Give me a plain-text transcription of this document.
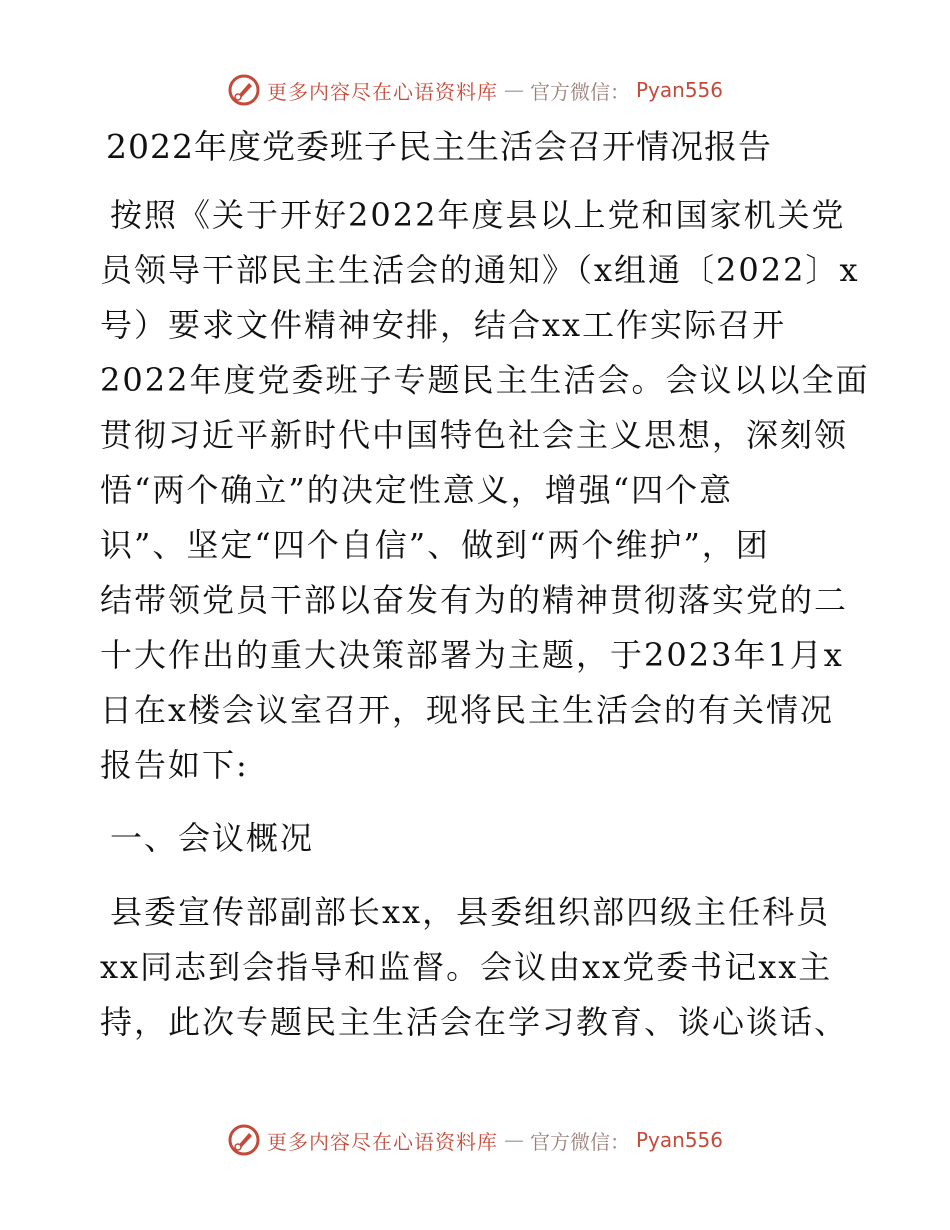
更多内容尽在心语资料库 — 官方微信： Pyan556
2022年度党委班子民主生活会召开情况报告
按照《关于开好2022年度县以上党和国家机关党
员领导干部民主生活会的通知》（x组通〔2022〕x
号）要求文件精神安排，结合xx工作实际召开
2022年度党委班子专题民主生活会。会议以以全面
贯彻习近平新时代中国特色社会主义思想，深刻领
悟“两个确立”的决定性意义，增强“四个意
识”、坚定“四个自信”、做到“两个维护”，团
结带领党员干部以奋发有为的精神贯彻落实党的二
十大作出的重大决策部署为主题，于2023年1月x
日在x楼会议室召开，现将民主生活会的有关情况
报告如下:
一、会议概况
县委宣传部副部长xx，县委组织部四级主任科员
xx同志到会指导和监督。会议由xx党委书记xx主
持，此次专题民主生活会在学习教育、谈心谈话、
更多内容尽在心语资料库 — 官方微信： Pyan556
